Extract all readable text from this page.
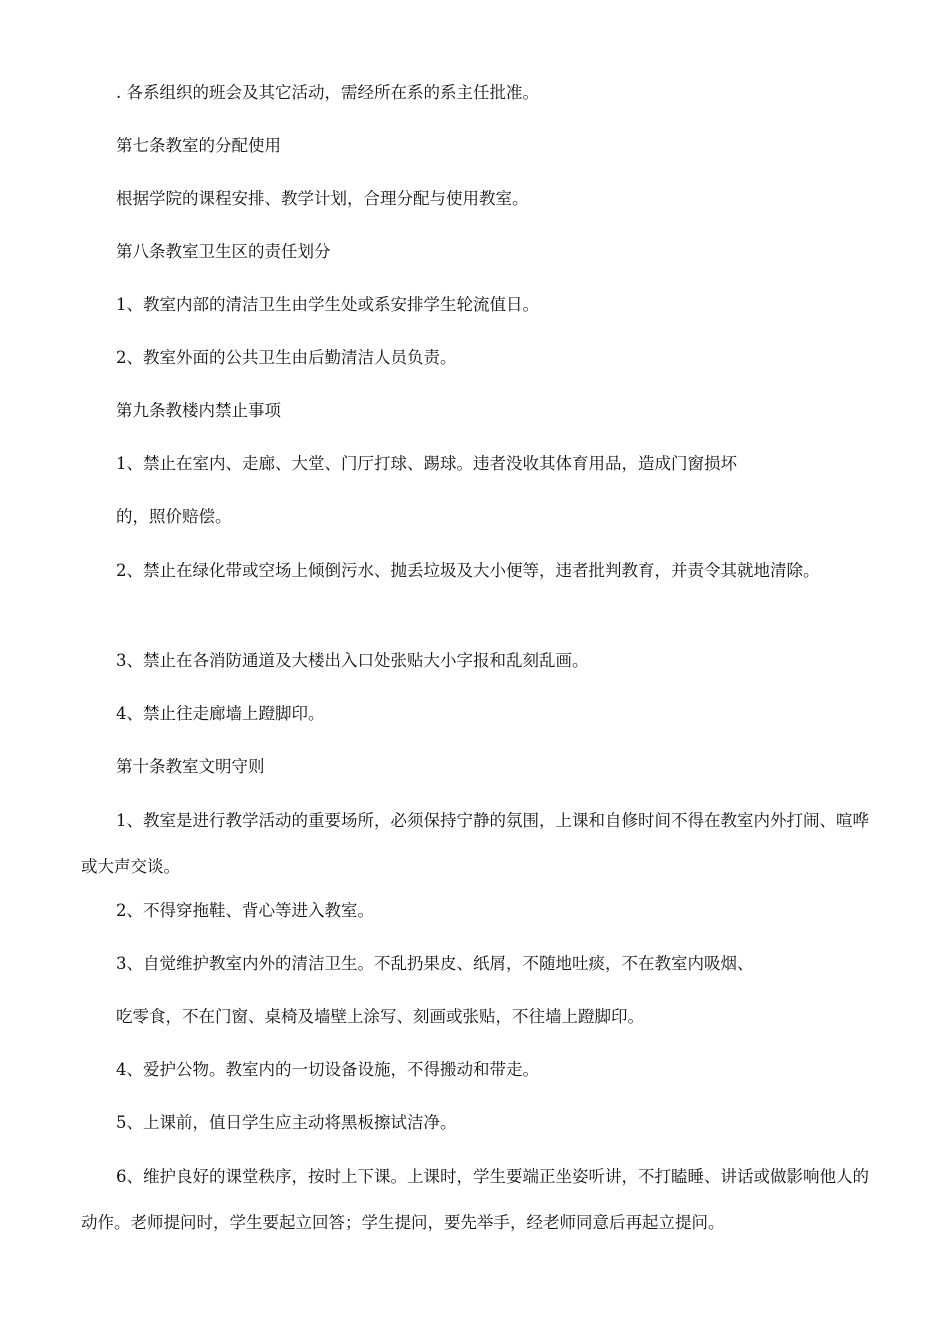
. 各系组织的班会及其它活动，需经所在系的系主任批准。
第七条教室的分配使用
根据学院的课程安排、教学计划，合理分配与使用教室。
第八条教室卫生区的责任划分
1、教室内部的清洁卫生由学生处或系安排学生轮流值日。
2、教室外面的公共卫生由后勤清洁人员负责。
第九条教楼内禁止事项
1、禁止在室内、走廊、大堂、门厅打球、踢球。违者没收其体育用品，造成门窗损坏
的，照价赔偿。
2、禁止在绿化带或空场上倾倒污水、抛丢垃圾及大小便等，违者批判教育，并责令其就地清除。
3、禁止在各消防通道及大楼出入口处张贴大小字报和乱刻乱画。
4、禁止往走廊墙上蹬脚印。
第十条教室文明守则
1、教室是进行教学活动的重要场所，必须保持宁静的氛围，上课和自修时间不得在教室内外打闹、喧哗或大声交谈。
2、不得穿拖鞋、背心等进入教室。
3、自觉维护教室内外的清洁卫生。不乱扔果皮、纸屑，不随地吐痰，不在教室内吸烟、
吃零食，不在门窗、桌椅及墙壁上涂写、刻画或张贴，不往墙上蹬脚印。
4、爱护公物。教室内的一切设备设施，不得搬动和带走。
5、上课前，值日学生应主动将黑板擦试洁净。
6、维护良好的课堂秩序，按时上下课。上课时，学生要端正坐姿听讲，不打瞌睡、讲话或做影响他人的动作。老师提问时，学生要起立回答；学生提问，要先举手，经老师同意后再起立提问。
